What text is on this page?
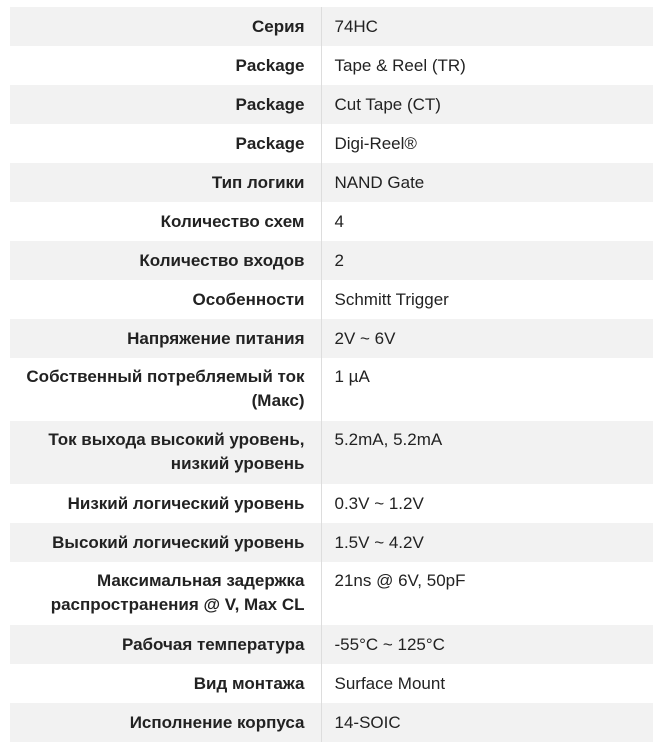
Серия	74HC
Package	Tape & Reel (TR)
Package	Cut Tape (CT)
Package	Digi-Reel®
Тип логики	NAND Gate
Количество схем	4
Количество входов	2
Особенности	Schmitt Trigger
Напряжение питания	2V ~ 6V
Собственный потребляемый ток (Макс)	1 µA
Ток выхода высокий уровень, низкий уровень	5.2mA, 5.2mA
Низкий логический уровень	0.3V ~ 1.2V
Высокий логический уровень	1.5V ~ 4.2V
Максимальная задержка распространения @ V, Max CL	21ns @ 6V, 50pF
Рабочая температура	-55°C ~ 125°C
Вид монтажа	Surface Mount
Исполнение корпуса	14-SOIC
